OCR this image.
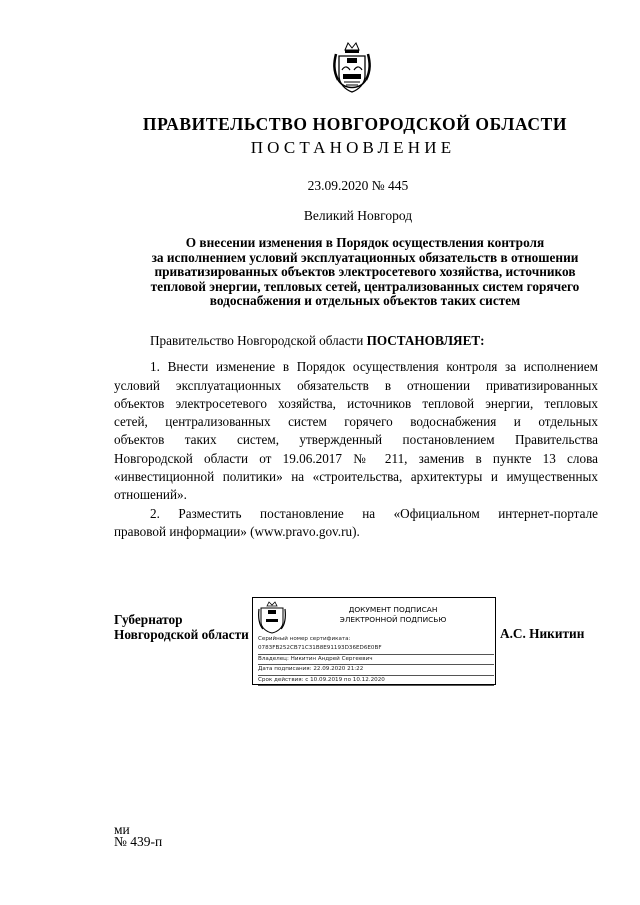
ПРАВИТЕЛЬСТВО НОВГОРОДСКОЙ ОБЛАСТИ
ПОСТАНОВЛЕНИЕ
23.09.2020 № 445
Великий Новгород
О внесении изменения в Порядок осуществления контроля
за исполнением условий эксплуатационных обязательств в отношении
приватизированных объектов электросетевого хозяйства, источников
тепловой энергии, тепловых сетей, централизованных систем горячего
водоснабжения и отдельных объектов таких систем

Правительство Новгородской области ПОСТАНОВЛЯЕТ:

1. Внести изменение в Порядок осуществления контроля за исполнением
условий эксплуатационных обязательств в отношении приватизированных
объектов электросетевого хозяйства, источников тепловой энергии, тепловых
сетей, централизованных систем горячего водоснабжения и отдельных
объектов таких систем, утвержденный постановлением Правительства
Новгородской области от 19.06.2017 № 211, заменив в пункте 13 слова
«инвестиционной политики» на «строительства, архитектуры и имущественных
отношений».
2. Разместить постановление на «Официальном интернет-портале
правовой информации» (www.pravo.gov.ru).
Губернатор
Новгородской области
ДОКУМЕНТ ПОДПИСАН
ЭЛЕКТРОННОЙ ПОДПИСЬЮ
Серийный номер сертификата:
0783FB252CB71C31B8E91193D36ED6E0BF
Владелец: Никитин Андрей Сергеевич
Дата подписания: 22.09.2020 21:22
Срок действия: с 10.09.2019 по 10.12.2020
А.С. Никитин
ми
№ 439-п
